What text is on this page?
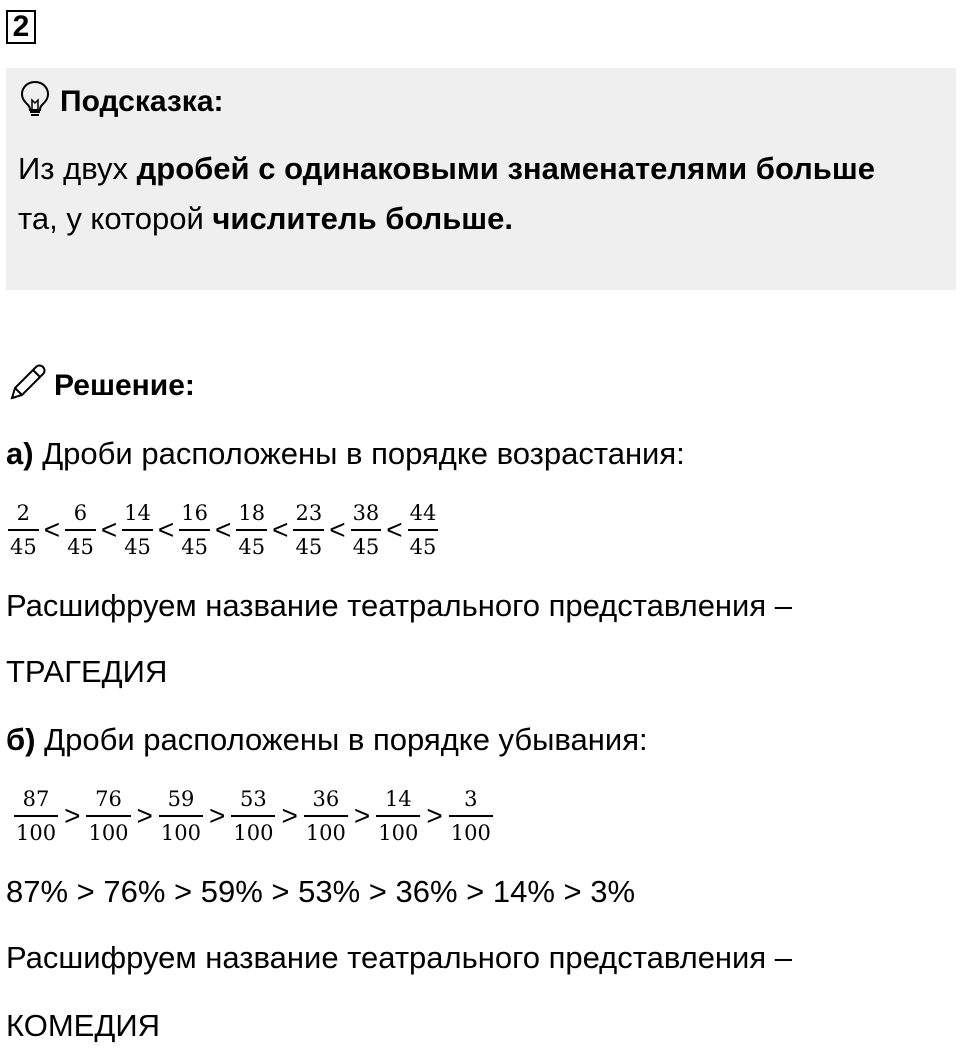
2
Подсказка:
Из двух дробей с одинаковыми знаменателями больше
та, у которой числитель больше.
Решение:
а) Дроби расположены в порядке возрастания:
$\frac{2}{45} < \frac{6}{45} < \frac{14}{45} < \frac{16}{45} < \frac{18}{45} < \frac{23}{45} < \frac{38}{45} < \frac{44}{45}$
Расшифруем название театрального представления –
ТРАГЕДИЯ
б) Дроби расположены в порядке убывания:
$\frac{87}{100} > \frac{76}{100} > \frac{59}{100} > \frac{53}{100} > \frac{36}{100} > \frac{14}{100} > \frac{3}{100}$
87% > 76% > 59% > 53% > 36% > 14% > 3%
Расшифруем название театрального представления –
КОМЕДИЯ
